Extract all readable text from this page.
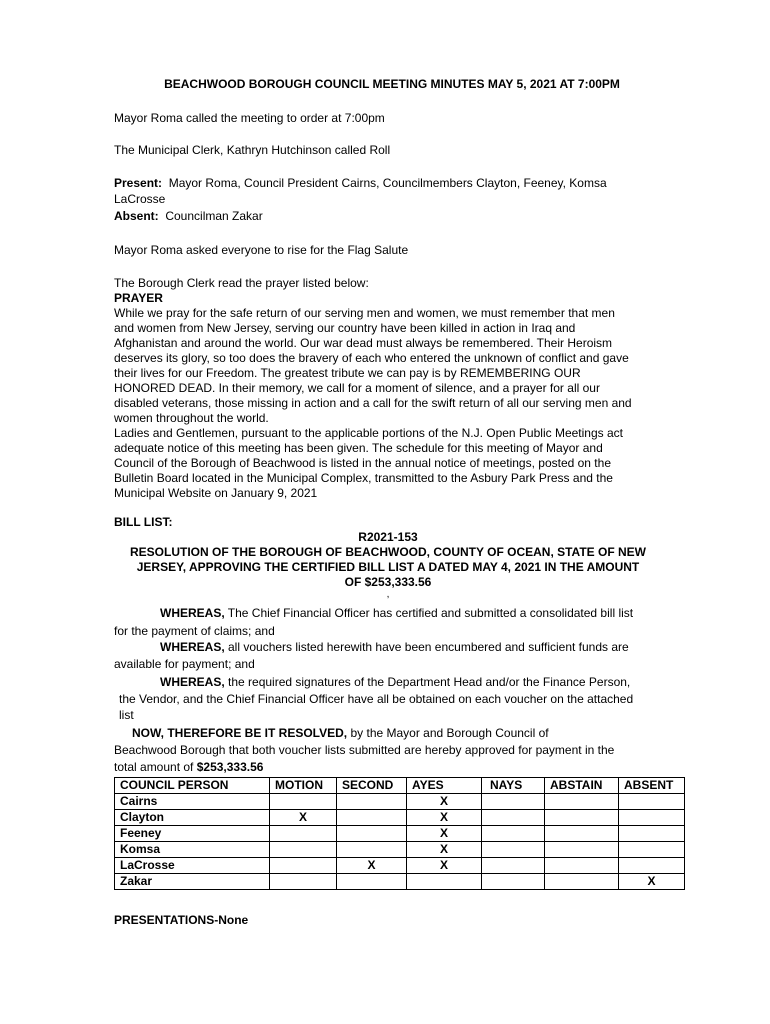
BEACHWOOD BOROUGH COUNCIL MEETING MINUTES MAY 5, 2021 AT 7:00PM

Mayor Roma called the meeting to order at 7:00pm

The Municipal Clerk, Kathryn Hutchinson called Roll

Present: Mayor Roma, Council President Cairns, Councilmembers Clayton, Feeney, Komsa

LaCrosse

Absent: Councilman Zakar

Mayor Roma asked everyone to rise for the Flag Salute

The Borough Clerk read the prayer listed below:

PRAYER

While we pray for the safe return of our serving men and women, we must remember that men
and women from New Jersey, serving our country have been killed in action in Iraq and
Afghanistan and around the world. Our war dead must always be remembered. Their Heroism
deserves its glory, so too does the bravery of each who entered the unknown of conflict and gave
their lives for our Freedom. The greatest tribute we can pay is by REMEMBERING OUR
HONORED DEAD. In their memory, we call for a moment of silence, and a prayer for all our
disabled veterans, those missing in action and a call for the swift return of all our serving men and
women throughout the world.
Ladies and Gentlemen, pursuant to the applicable portions of the N.J. Open Public Meetings act
adequate notice of this meeting has been given. The schedule for this meeting of Mayor and
Council of the Borough of Beachwood is listed in the annual notice of meetings, posted on the
Bulletin Board located in the Municipal Complex, transmitted to the Asbury Park Press and the
Municipal Website on January 9, 2021

BILL LIST:

R2021-153

RESOLUTION OF THE BOROUGH OF BEACHWOOD, COUNTY OF OCEAN, STATE OF NEW
JERSEY, APPROVING THE CERTIFIED BILL LIST A DATED MAY 4, 2021 IN THE AMOUNT
OF $253,333.56

,

WHEREAS, The Chief Financial Officer has certified and submitted a consolidated bill list

for the payment of claims; and

WHEREAS, all vouchers listed herewith have been encumbered and sufficient funds are

available for payment; and

WHEREAS, the required signatures of the Department Head and/or the Finance Person,

the Vendor, and the Chief Financial Officer have all be obtained on each voucher on the attached

list

NOW, THEREFORE BE IT RESOLVED, by the Mayor and Borough Council of

Beachwood Borough that both voucher lists submitted are hereby approved for payment in the

total amount of $253,333.56

COUNCIL PERSON	MOTION	SECOND	AYES	NAYS	ABSTAIN	ABSENT
Cairns			X			
Clayton	X		X			
Feeney			X			
Komsa			X			
LaCrosse		X	X			
Zakar						X

PRESENTATIONS-None
